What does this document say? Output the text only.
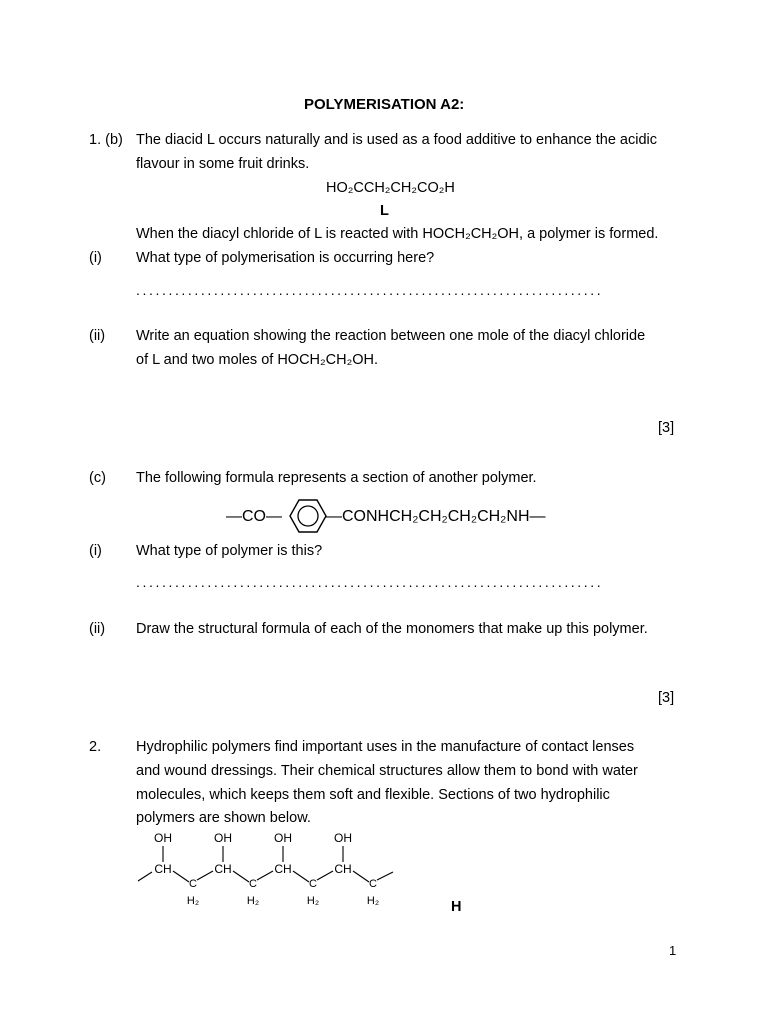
POLYMERISATION A2:
1. (b) The diacid L occurs naturally and is used as a food additive to enhance the acidic
flavour in some fruit drinks.
HO₂CCH₂CH₂CO₂H
L
When the diacyl chloride of L is reacted with HOCH₂CH₂OH, a polymer is formed.
(i) What type of polymerisation is occurring here?
........................................................................
(ii) Write an equation showing the reaction between one mole of the diacyl chloride
of L and two moles of HOCH₂CH₂OH.
[3]
(c) The following formula represents a section of another polymer.
—CO—	—CONHCH₂CH₂CH₂CH₂NH—
(i) What type of polymer is this?
........................................................................
(ii) Draw the structural formula of each of the monomers that make up this polymer.
[3]
2. Hydrophilic polymers find important uses in the manufacture of contact lenses
and wound dressings. Their chemical structures allow them to bond with water
molecules, which keeps them soft and flexible. Sections of two hydrophilic
polymers are shown below.
OH
CH
C
H₂
OH
CH
C
H₂
OH
CH
C
H₂
OH
CH
C
H₂	H
1
